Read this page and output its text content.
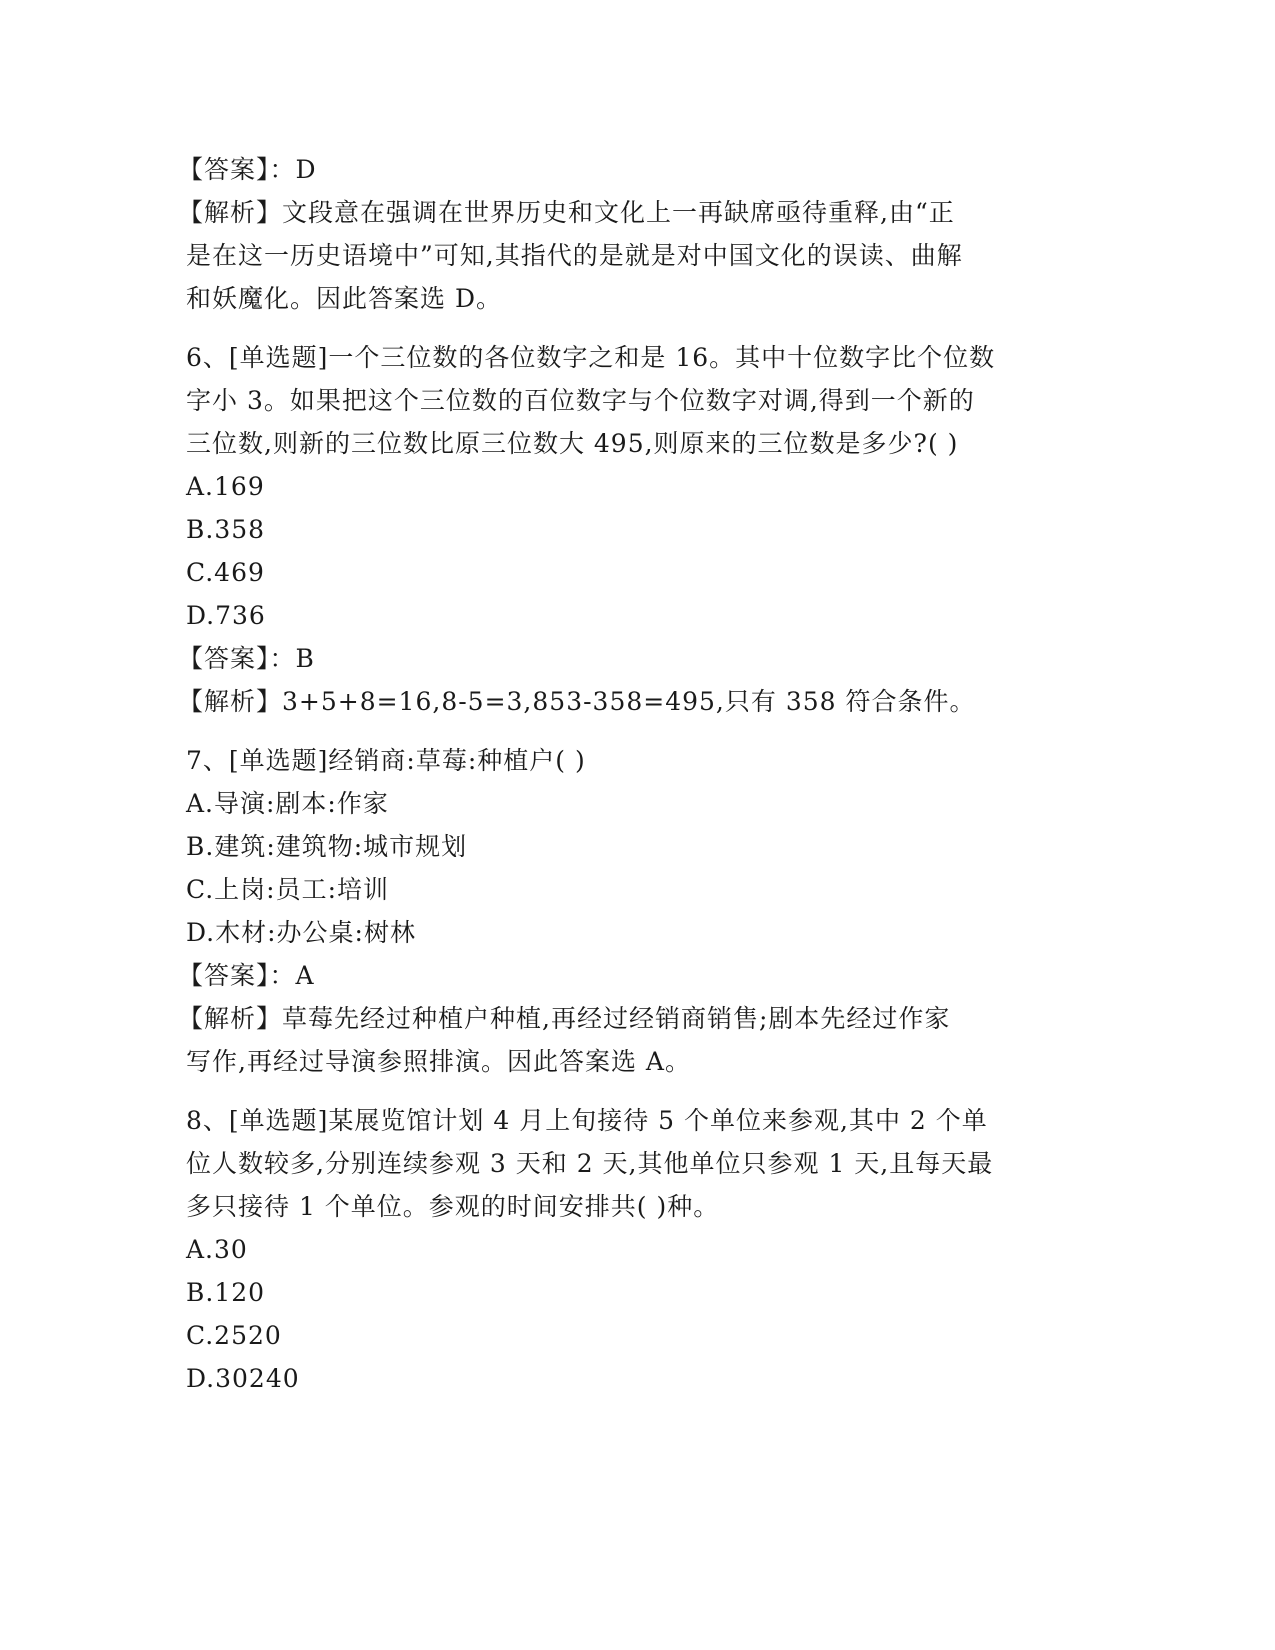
【答案】：D
【解析】文段意在强调在世界历史和文化上一再缺席亟待重释,由“正
是在这一历史语境中”可知,其指代的是就是对中国文化的误读、曲解
和妖魔化。因此答案选 D。
6、[单选题]一个三位数的各位数字之和是 16。其中十位数字比个位数
字小 3。如果把这个三位数的百位数字与个位数字对调,得到一个新的
三位数,则新的三位数比原三位数大 495,则原来的三位数是多少?( )
A.169
B.358
C.469
D.736
【答案】：B
【解析】3+5+8=16,8-5=3,853-358=495,只有 358 符合条件。
7、[单选题]经销商:草莓:种植户( )
A.导演:剧本:作家
B.建筑:建筑物:城市规划
C.上岗:员工:培训
D.木材:办公桌:树林
【答案】：A
【解析】草莓先经过种植户种植,再经过经销商销售;剧本先经过作家
写作,再经过导演参照排演。因此答案选 A。
8、[单选题]某展览馆计划 4 月上旬接待 5 个单位来参观,其中 2 个单
位人数较多,分别连续参观 3 天和 2 天,其他单位只参观 1 天,且每天最
多只接待 1 个单位。参观的时间安排共( )种。
A.30
B.120
C.2520
D.30240
